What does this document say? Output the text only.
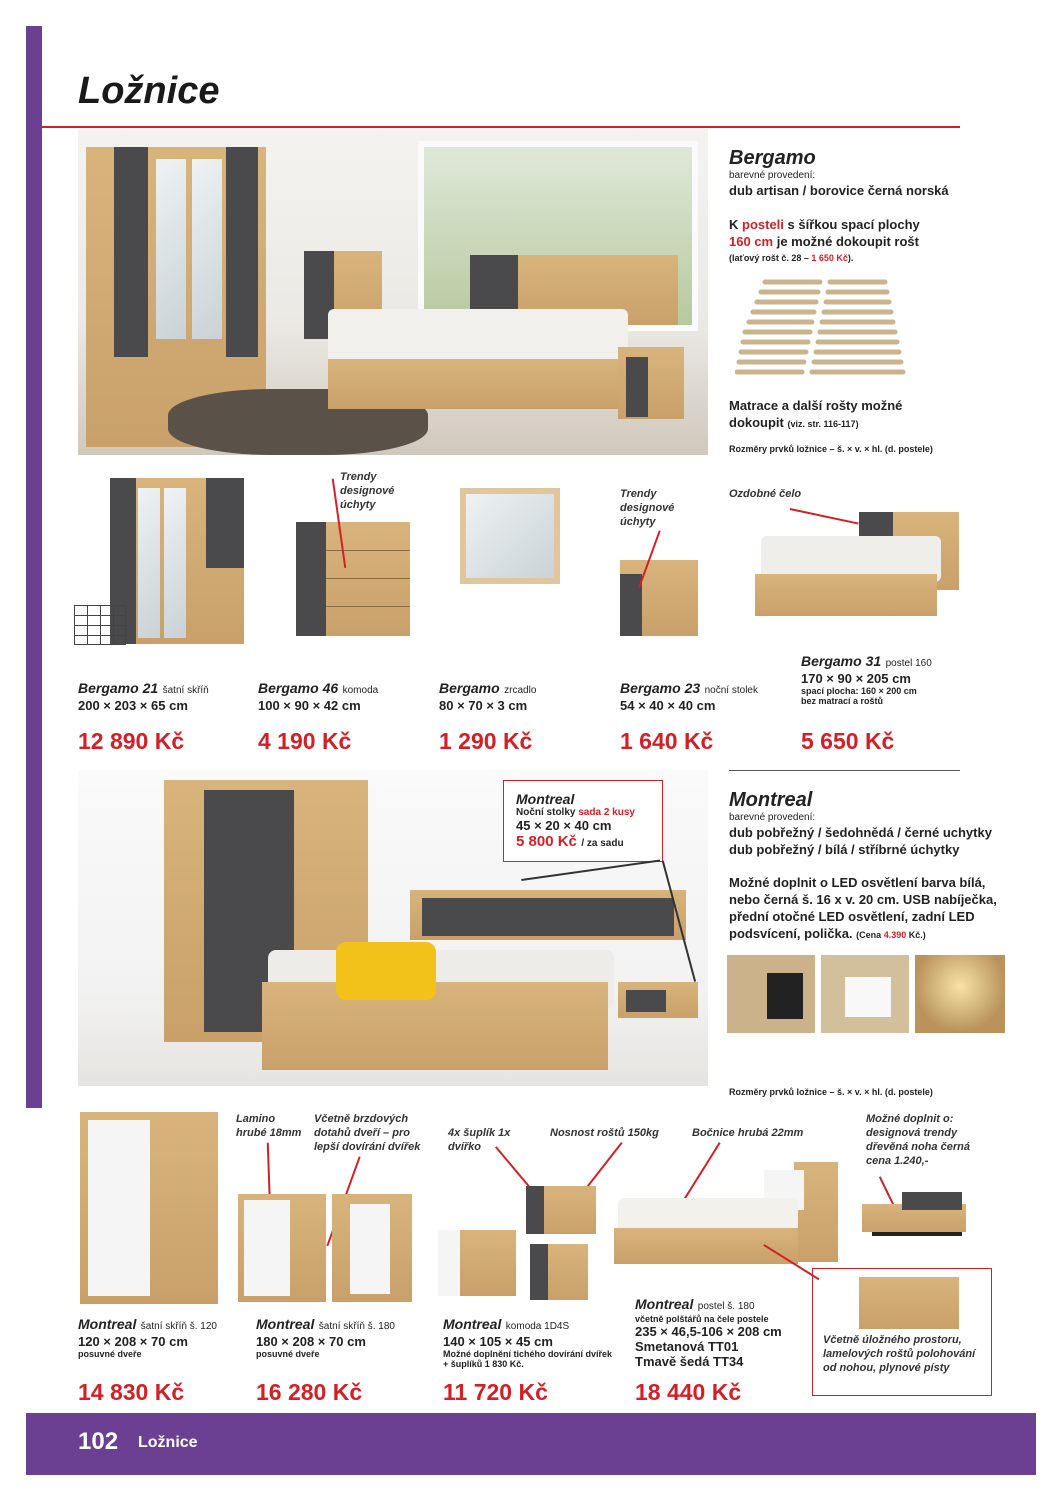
102 Ložnice
Ložnice
Bergamo
barevné provedení:
dub artisan / borovice černá norská
K posteli s šířkou spací plochy
160 cm je možné dokoupit rošt
(laťový rošt č. 28 – 1 650 Kč).
Matrace a další rošty možné dokoupit (viz. str. 116-117)
Rozměry prvků ložnice – š. × v. × hl. (d. postele)
Trendy designové úchyty
Trendy designové úchyty
Ozdobné čelo
Bergamo 21 šatní skříň
200 × 203 × 65 cm
12 890 Kč
Bergamo 46 komoda
100 × 90 × 42 cm
4 190 Kč
Bergamo zrcadlo
80 × 70 × 3 cm
1 290 Kč
Bergamo 23 noční stolek
54 × 40 × 40 cm
1 640 Kč
Bergamo 31 postel 160
170 × 90 × 205 cm
spací plocha: 160 × 200 cm
bez matrací a roštů
5 650 Kč
Montreal
Noční stolky sada 2 kusy
45 × 20 × 40 cm
5 800 Kč / za sadu
Montreal
barevné provedení:
dub pobřežný / šedohnědá / černé uchytky
dub pobřežný / bílá / stříbrné úchytky
Možné doplnit o LED osvětlení barva bílá, nebo černá š. 16 x v. 20 cm. USB nabíječka, přední otočné LED osvětlení, zadní LED podsvícení, polička. (Cena 4.390 Kč.)
Rozměry prvků ložnice – š. × v. × hl. (d. postele)
Lamino hrubé 18mm
Včetně brzdových dotahů dveří – pro lepší dovírání dvířek
4x šuplík 1x dvířko
Nosnost roštů 150kg	Bočnice hrubá 22mm
Možné doplnit o: designová trendy dřevěná noha černá cena 1.240,-
Včetně úložného prostoru, lamelových roštů polohování od nohou, plynové písty
Montreal šatní skříň š. 120
120 × 208 × 70 cm
posuvné dveře
14 830 Kč
Montreal šatní skříň š. 180
180 × 208 × 70 cm
posuvné dveře
16 280 Kč
Montreal komoda 1D4S
140 × 105 × 45 cm
Možné doplnění tichého dovírání dvířek + šuplíků 1 830 Kč.
11 720 Kč
Montreal postel š. 180
včetně polštářů na čele postele
235 × 46,5-106 × 208 cm
Smetanová TT01
Tmavě šedá TT34
18 440 Kč
